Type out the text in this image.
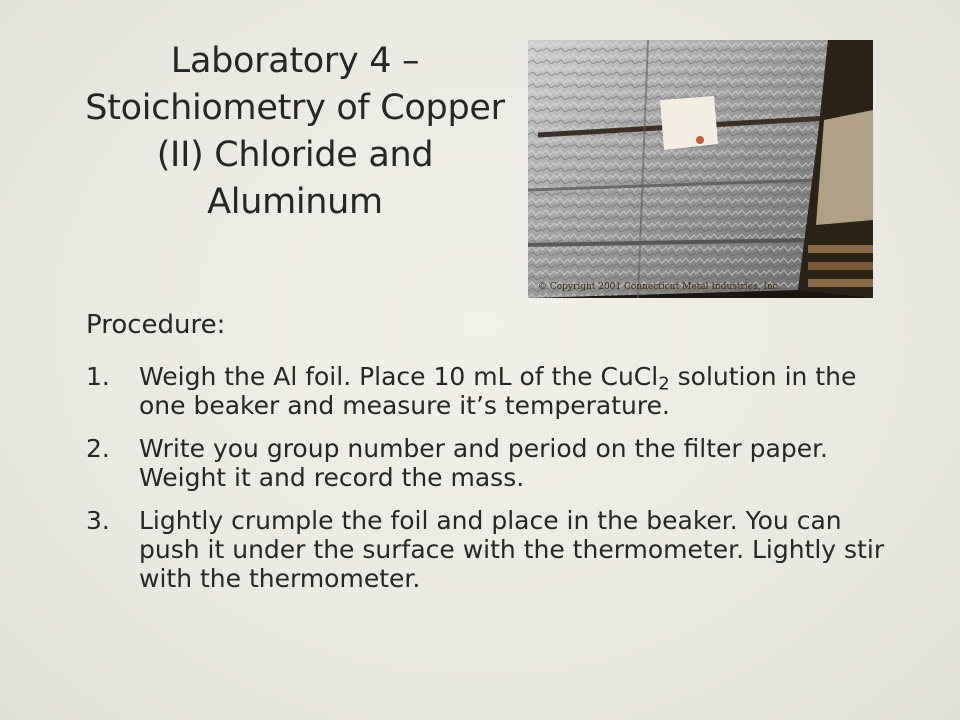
Laboratory 4 – Stoichiometry of Copper (II) Chloride and Aluminum
© Copyright 2001 Connecticut Metal Industries, Inc.
Procedure:
1. Weigh the Al foil. Place 10 mL of the CuCl$_2$ solution in the one beaker and measure it’s temperature.
2. Write you group number and period on the filter paper. Weight it and record the mass.
3. Lightly crumple the foil and place in the beaker. You can push it under the surface with the thermometer. Lightly stir with the thermometer.
